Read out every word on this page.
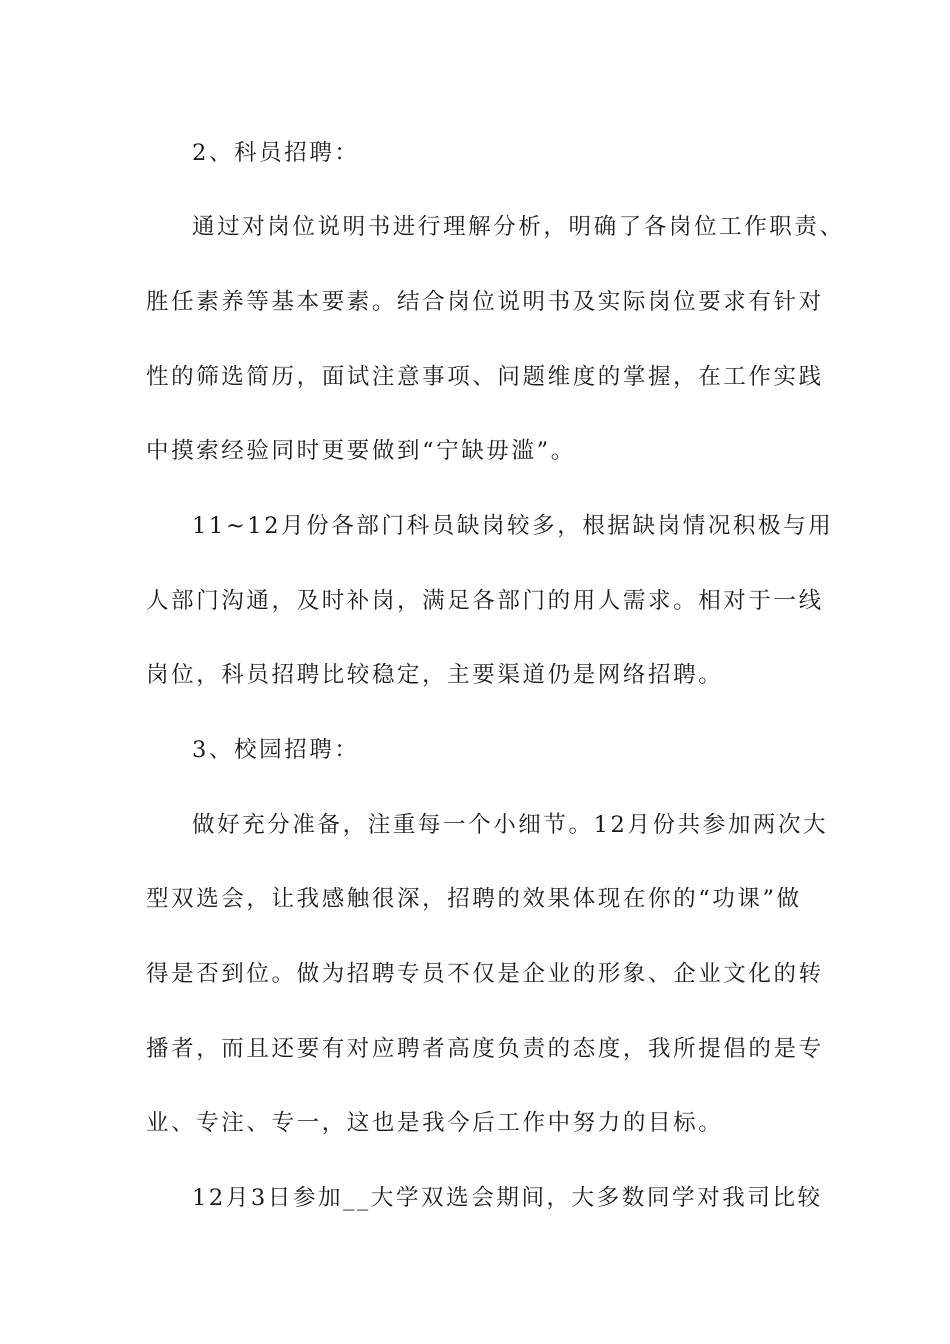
2、科员招聘：
通过对岗位说明书进行理解分析，明确了各岗位工作职责、
胜任素养等基本要素。结合岗位说明书及实际岗位要求有针对
性的筛选简历，面试注意事项、问题维度的掌握，在工作实践
中摸索经验同时更要做到“宁缺毋滥”。
11~12月份各部门科员缺岗较多，根据缺岗情况积极与用
人部门沟通，及时补岗，满足各部门的用人需求。相对于一线
岗位，科员招聘比较稳定，主要渠道仍是网络招聘。
3、校园招聘：
做好充分准备，注重每一个小细节。12月份共参加两次大
型双选会，让我感触很深，招聘的效果体现在你的“功课”做
得是否到位。做为招聘专员不仅是企业的形象、企业文化的转
播者，而且还要有对应聘者高度负责的态度，我所提倡的是专
业、专注、专一，这也是我今后工作中努力的目标。
12月3日参加__大学双选会期间，大多数同学对我司比较
